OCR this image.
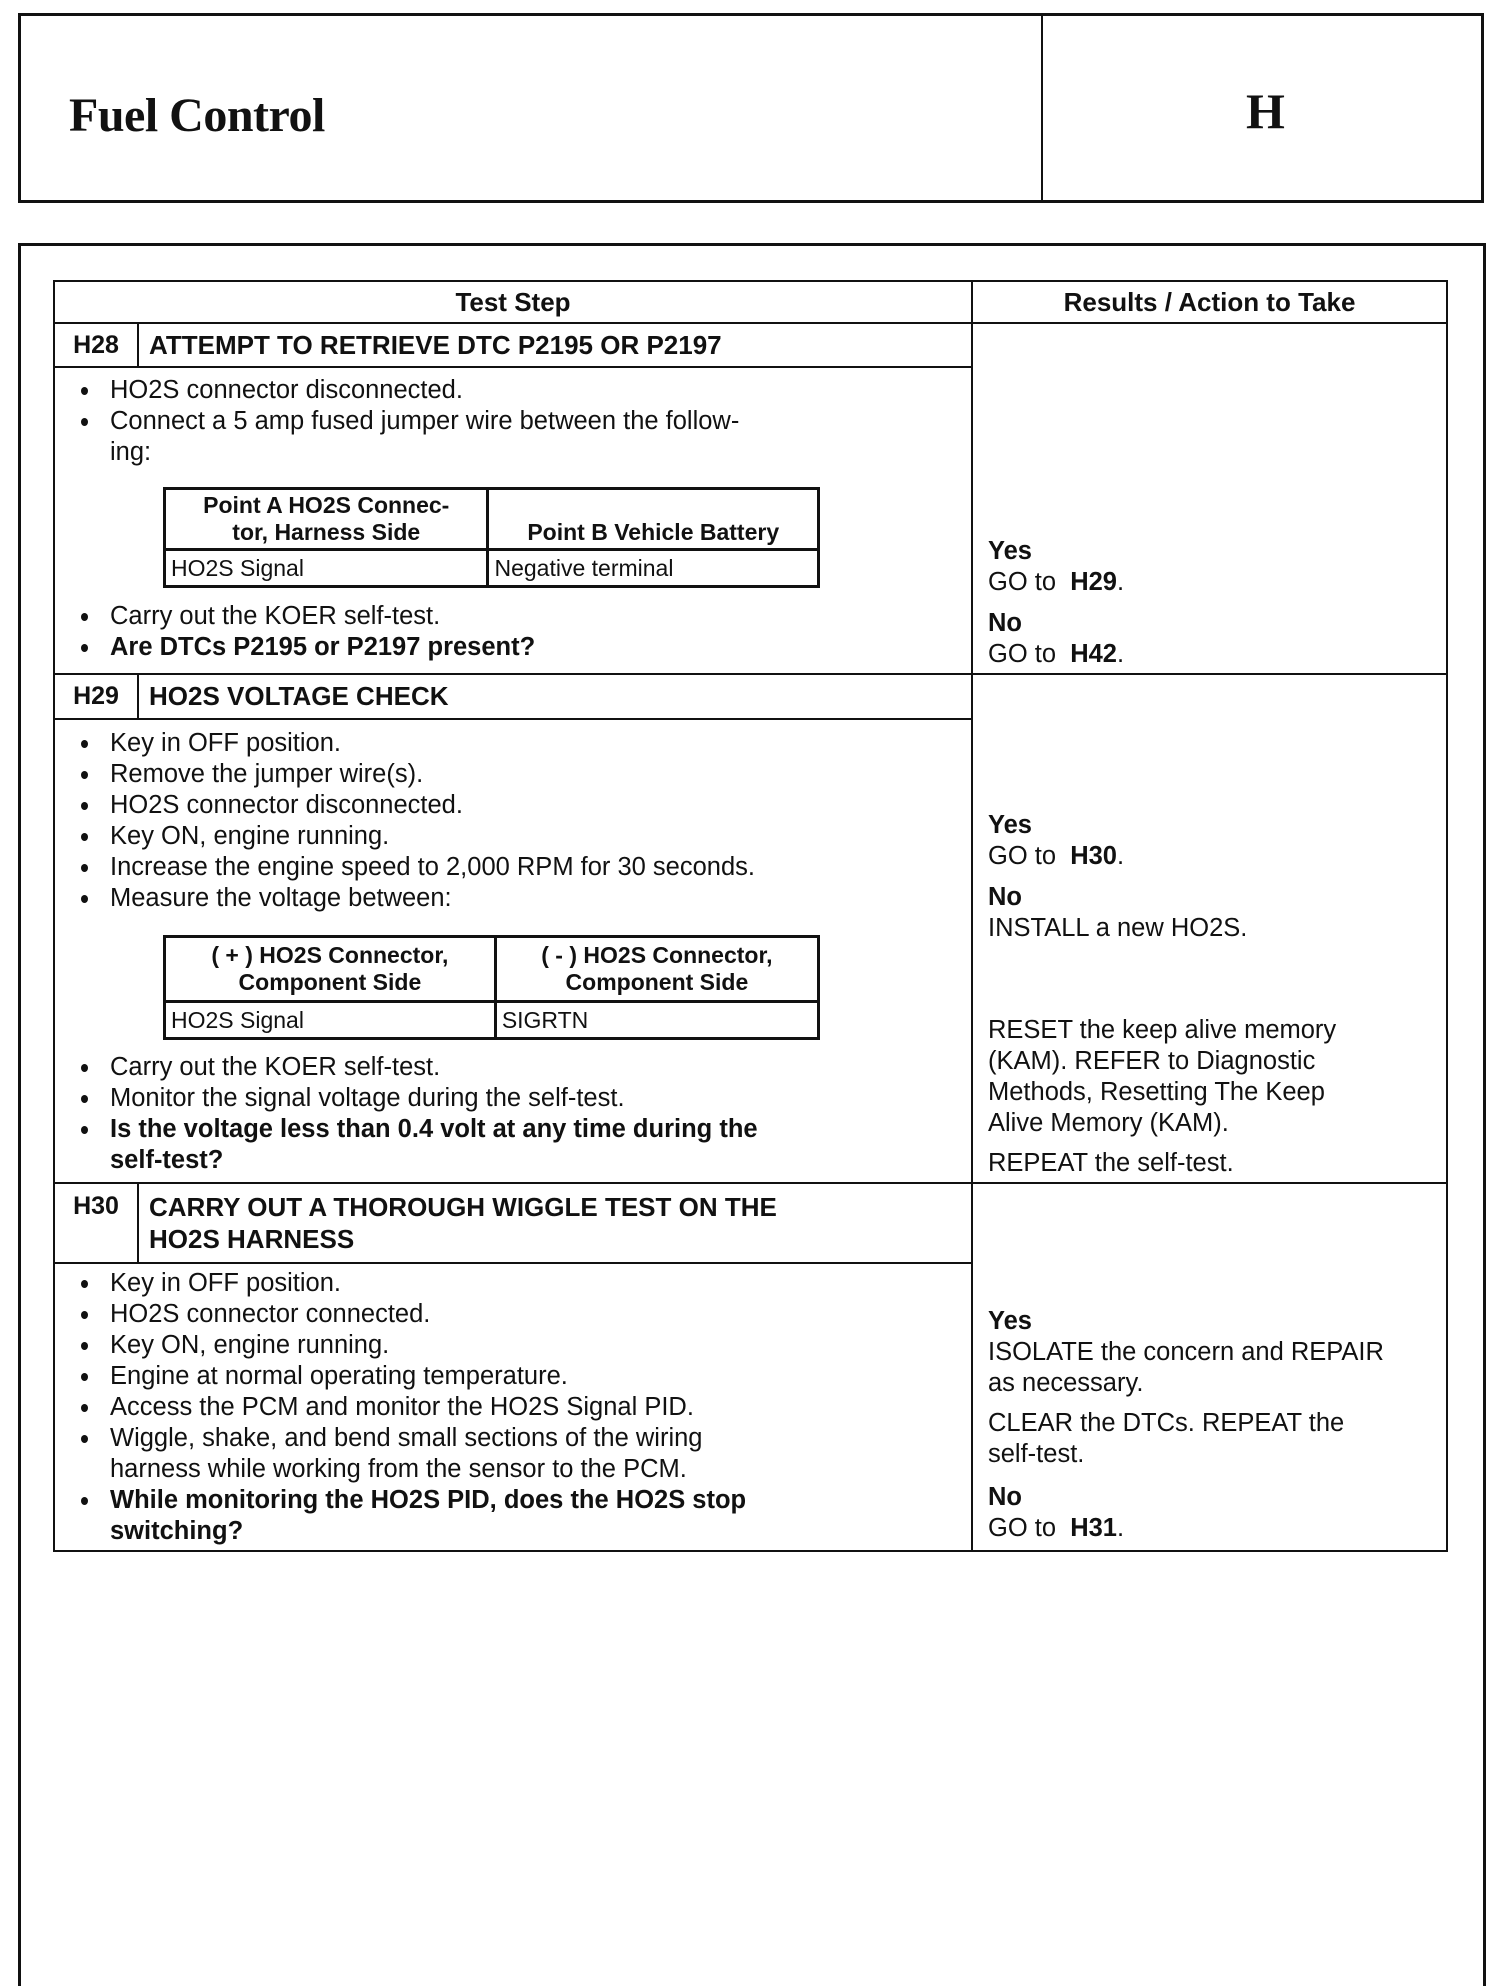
Fuel Control	H
Test Step	Results / Action to Take
H28	ATTEMPT TO RETRIEVE DTC P2195 OR P2197
HO2S connector disconnected.
Connect a 5 amp fused jumper wire between the follow-
ing:
Point A HO2S Connec-
tor, Harness Side	Point B Vehicle Battery
HO2S Signal	Negative terminal
Carry out the KOER self-test.
Are DTCs P2195 or P2197 present?
Yes
GO to H29.
No
GO to H42.
H29	HO2S VOLTAGE CHECK
Key in OFF position.
Remove the jumper wire(s).
HO2S connector disconnected.
Key ON, engine running.
Increase the engine speed to 2,000 RPM for 30 seconds.
Measure the voltage between:
( + ) HO2S Connector,
Component Side	( - ) HO2S Connector,
Component Side
HO2S Signal	SIGRTN
Carry out the KOER self-test.
Monitor the signal voltage during the self-test.
Is the voltage less than 0.4 volt at any time during the
self-test?
Yes
GO to H30.
No
INSTALL a new HO2S.
RESET the keep alive memory
(KAM). REFER to Diagnostic
Methods, Resetting The Keep
Alive Memory (KAM).
REPEAT the self-test.
H30	CARRY OUT A THOROUGH WIGGLE TEST ON THE
HO2S HARNESS
Key in OFF position.
HO2S connector connected.
Key ON, engine running.
Engine at normal operating temperature.
Access the PCM and monitor the HO2S Signal PID.
Wiggle, shake, and bend small sections of the wiring
harness while working from the sensor to the PCM.
While monitoring the HO2S PID, does the HO2S stop
switching?
Yes
ISOLATE the concern and REPAIR
as necessary.
CLEAR the DTCs. REPEAT the
self-test.
No
GO to H31.
